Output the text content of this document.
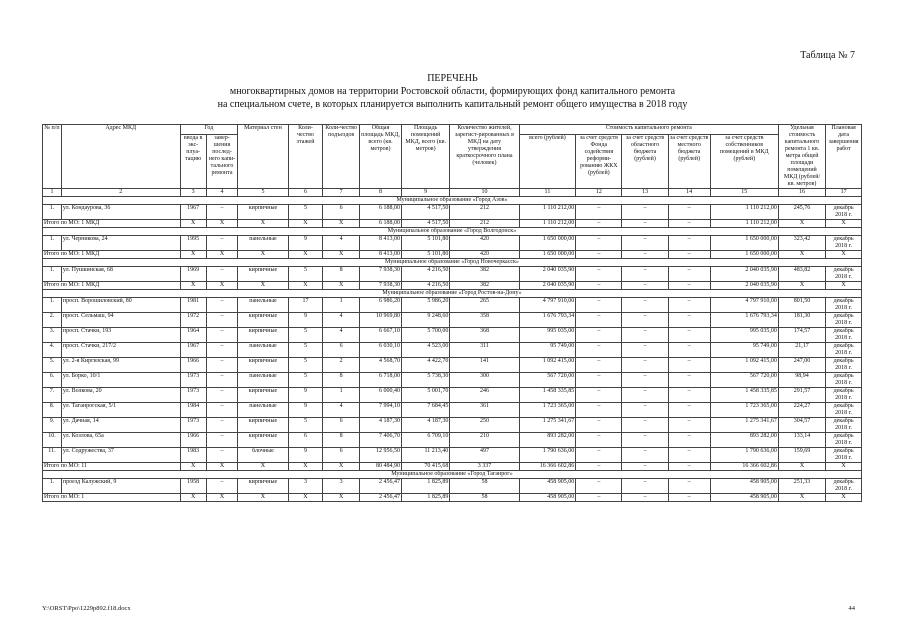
Таблица № 7
ПЕРЕЧЕНЬ
многоквартирных домов на территории Ростовской области, формирующих фонд капитального ремонта
на специальном счете, в которых планируется выполнить капитальный ремонт общего имущества в 2018 году
№ п/п	Адрес МКД	Год		Материал стен	Коли-чество этажей	Коли-чество подъездов	Общая площадь МКД, всего (кв. метров)	Площадь помещений МКД, всего (кв. метров)	Количество жителей, зарегист-рированных в МКД на дату утверждения краткосрочного плана (человек)	Стоимость капитального ремонта					Удельная стоимость капитального ремонта 1 кв. метра общей площади помещений МКД (рублей/ кв. метров)	Плановая дата завершения работ
		ввода в экс-плуа-тацию	завер-шения послед-него капи-тального ремонта							всего (рублей)	за счет средств Фонда содействия реформи-рованию ЖКХ (рублей)	за счет средств областного бюджета (рублей)	за счет средств местного бюджета (рублей)	за счет средств собственников помещений в МКД (рублей)		
1	2	3	4	5	6	7	8	9	10	11	12	13	14	15	16	17
Муниципальное образование «Город Азов»																
1.	ул. Кондаурова, 36	1967	–	кирпичные	5	6	6 188,00	4 517,50	212	1 110 212,00	–	–	–	1 110 212,00	245,76	декабрь 2018 г.
Итого по МО: 1 МКД		X	X	X	X	X	6 188,00	4 517,50	212	1 110 212,00	–	–	–	1 110 212,00	X	X
Муниципальное образование «Город Волгодонск»																
1.	ул. Черникова, 24	1995	–	панельные	9	4	8 413,00	5 101,80	420	1 650 000,00	–	–	–	1 650 000,00	323,42	декабрь 2018 г.
Итого по МО: 1 МКД		X	X	X	X	X	8 413,00	5 101,80	420	1 650 000,00	–	–	–	1 650 000,00	X	X
Муниципальное образование «Город Новочеркасск»																
1.	ул. Пушкинская, 68	1969	–	кирпичные	5	8	7 938,30	4 216,50	382	2 040 035,90	–	–	–	2 040 035,90	483,82	декабрь 2018 г.
Итого по МО: 1 МКД		X	X	X	X	X	7 938,30	4 216,50	382	2 040 035,90	–	–	–	2 040 035,90	X	X
Муниципальное образование «Город Ростов-на-Дону»																
1.	просп. Ворошиловский, 80	1981	–	панельные	17	1	6 986,20	5 986,20	265	4 797 910,00	–	–	–	4 797 910,00	801,50	декабрь 2018 г.
2.	просп. Сельмаш, 94	1972	–	кирпичные	9	4	10 969,80	9 248,60	358	1 676 793,34	–	–	–	1 676 793,34	181,30	декабрь 2018 г.
3.	просп. Стачки, 193	1964	–	кирпичные	5	4	6 667,10	5 700,00	368	995 035,00	–	–	–	995 035,00	174,57	декабрь 2018 г.
4.	просп. Стачки, 217/2	1967	–	панельные	5	6	6 030,10	4 523,00	311	95 749,00	–	–	–	95 749,00	21,17	декабрь 2018 г.
5.	ул. 2-я Киргизская, 99	1966	–	кирпичные	5	2	4 568,70	4 422,70	141	1 092 415,00	–	–	–	1 092 415,00	247,00	декабрь 2018 г.
6.	ул. Борко, 10/1	1973	–	панельные	5	8	6 718,00	5 738,30	300	567 720,00	–	–	–	567 720,00	98,94	декабрь 2018 г.
7.	ул. Волкова, 20	1973	–	кирпичные	9	1	6 000,40	5 001,70	246	1 458 335,85	–	–	–	1 458 335,85	291,57	декабрь 2018 г.
8.	ул. Таганрогская, 5/1	1984	–	панельные	9	4	7 994,10	7 684,45	361	1 723 365,00	–	–	–	1 723 365,00	224,27	декабрь 2018 г.
9.	ул. Дачная, 14	1973	–	кирпичные	5	6	4 187,30	4 187,30	250	1 275 341,67	–	–	–	1 275 341,67	304,57	декабрь 2018 г.
10.	ул. Козлова, 65а	1966	–	кирпичные	6	8	7 406,70	6 709,10	210	893 282,00	–	–	–	893 282,00	133,14	декабрь 2018 г.
11.	ул. Содружества, 37	1983	–	блочные	9	6	12 956,50	11 213,40	497	1 790 636,00	–	–	–	1 790 636,00	159,69	декабрь 2018 г.
Итого по МО: 11		X	X	X	X	X	80 484,90	70 415,68	3 337	16 366 602,86	–	–	–	16 366 602,86	X	X
Муниципальное образование «Город Таганрог»																
1.	проезд Калужский, 9	1958	–	кирпичные	3	3	2 456,47	1 825,89	58	458 905,00	–	–	–	458 905,00	251,33	декабрь 2018 г.
Итого по МО: 1		X	X	X	X	X	2 456,47	1 825,89	58	458 905,00	–	–	–	458 905,00	X	X
Y:\ORST\Ppo\1229p892.f18.docx	44
